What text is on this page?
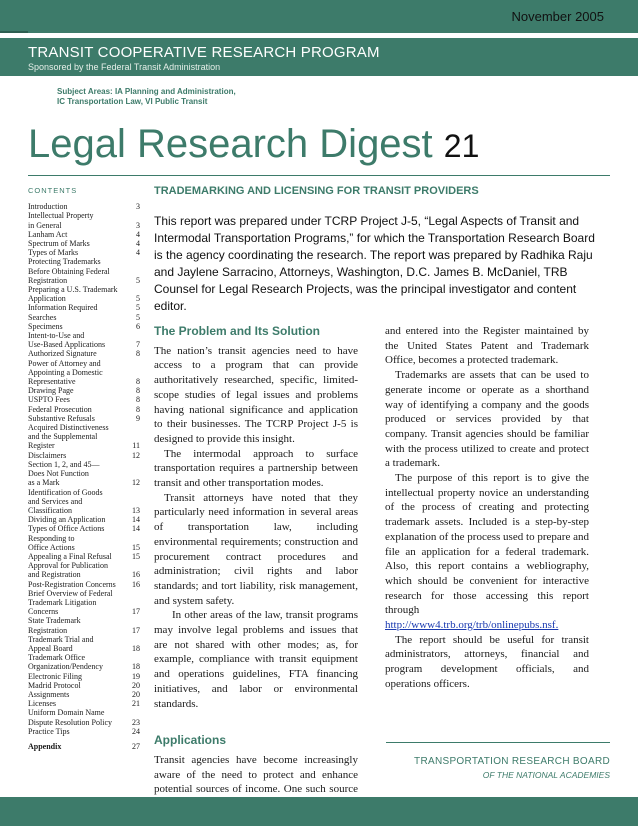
November 2005
TRANSIT COOPERATIVE RESEARCH PROGRAM
Sponsored by the Federal Transit Administration
Subject Areas: IA Planning and Administration,
IC Transportation Law, VI Public Transit
Legal Research Digest 21
CONTENTS
Introduction	3
Intellectual Property
in General	3
Lanham Act	4
Spectrum of Marks	4
Types of Marks	4
Protecting Trademarks
Before Obtaining Federal
Registration	5
Preparing a U.S. Trademark
Application	5
Information Required	5
Searches	5
Specimens	6
Intent-to-Use and
Use-Based Applications	7
Authorized Signature	8
Power of Attorney and
Appointing a Domestic
Representative	8
Drawing Page	8
USPTO Fees	8
Federal Prosecution	8
Substantive Refusals	9
Acquired Distinctiveness
and the Supplemental
Register	11
Disclaimers	12
Section 1, 2, and 45—
Does Not Function
as a Mark	12
Identification of Goods
and Services and
Classification	13
Dividing an Application	14
Types of Office Actions	14
Responding to
Office Actions	15
Appealing a Final Refusal	15
Approval for Publication
and Registration	16
Post-Registration Concerns	16
Brief Overview of Federal
Trademark Litigation
Concerns	17
State Trademark
Registration	17
Trademark Trial and
Appeal Board	18
Trademark Office
Organization/Pendency	18
Electronic Filing	19
Madrid Protocol	20
Assignments	20
Licenses	21
Uniform Domain Name
Dispute Resolution Policy	23
Practice Tips	24
Appendix	27
TRADEMARKING AND LICENSING FOR TRANSIT PROVIDERS
This report was prepared under TCRP Project J-5, “Legal Aspects of Transit and Intermodal Transportation Programs,” for which the Transportation Research Board is the agency coordinating the research. The report was prepared by Radhika Raju and Jaylene Sarracino, Attorneys, Washington, D.C. James B. McDaniel, TRB Counsel for Legal Research Projects, was the principal investigator and content editor.
The Problem and Its Solution

The nation’s transit agencies need to have access to a program that can provide authoritatively researched, specific, limited-scope studies of legal issues and problems having national significance and application to their businesses. The TCRP Project J-5 is designed to provide this insight.

The intermodal approach to surface transportation requires a partnership between transit and other transportation modes.

Transit attorneys have noted that they particularly need information in several areas of transportation law, including environmental requirements; construction and procurement contract procedures and administration; civil rights and labor standards; and tort liability, risk management, and system safety.

In other areas of the law, transit programs may involve legal problems and issues that are not shared with other modes; as, for example, compliance with transit equipment and operations guidelines, FTA financing initiatives, and labor or environmental standards.

Applications

Transit agencies have become increasingly aware of the need to protect and enhance potential sources of income. One such source

and entered into the Register maintained by the United States Patent and Trademark Office, becomes a protected trademark.

Trademarks are assets that can be used to generate income or operate as a shorthand way of identifying a company and the goods produced or services provided by that company. Transit agencies should be familiar with the process utilized to create and protect a trademark.

The purpose of this report is to give the intellectual property novice an understanding of the process of creating and protecting trademark assets. Included is a step-by-step explanation of the process used to prepare and file an application for a federal trademark. Also, this report contains a webliography, which should be convenient for interactive research for those accessing this report through http://www4.trb.org/trb/onlinepubs.nsf.

The report should be useful for transit administrators, attorneys, financial and program development officials, and operations officers.

TRANSPORTATION RESEARCH BOARD
OF THE NATIONAL ACADEMIES
